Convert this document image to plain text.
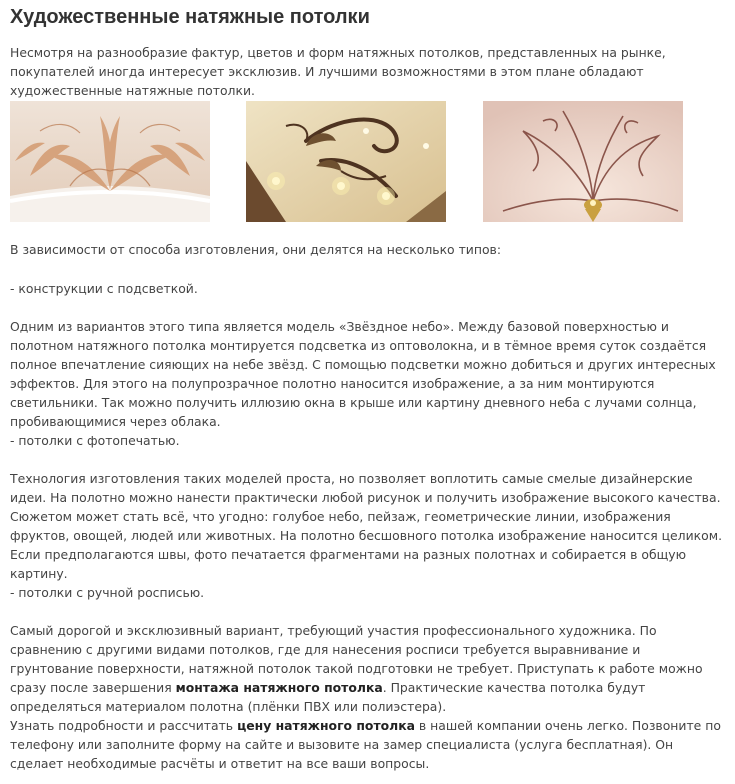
Художественные натяжные потолки

Несмотря на разнообразие фактур, цветов и форм натяжных потолков, представленных на рынке, покупателей иногда интересует эксклюзив. И лучшими возможностями в этом плане обладают художественные натяжные потолки.

В зависимости от способа изготовления, они делятся на несколько типов:

- конструкции с подсветкой.

Одним из вариантов этого типа является модель «Звёздное небо». Между базовой поверхностью и полотном натяжного потолка монтируется подсветка из оптоволокна, и в тёмное время суток создаётся полное впечатление сияющих на небе звёзд. С помощью подсветки можно добиться и других интересных эффектов. Для этого на полупрозрачное полотно наносится изображение, а за ним монтируются светильники. Так можно получить иллюзию окна в крыше или картину дневного неба с лучами солнца, пробивающимися через облака.

- потолки с фотопечатью.

Технология изготовления таких моделей проста, но позволяет воплотить самые смелые дизайнерские идеи. На полотно можно нанести практически любой рисунок и получить изображение высокого качества. Сюжетом может стать всё, что угодно: голубое небо, пейзаж, геометрические линии, изображения фруктов, овощей, людей или животных. На полотно бесшовного потолка изображение наносится целиком. Если предполагаются швы, фото печатается фрагментами на разных полотнах и собирается в общую картину.

- потолки с ручной росписью.

Самый дорогой и эксклюзивный вариант, требующий участия профессионального художника. По сравнению с другими видами потолков, где для нанесения росписи требуется выравнивание и грунтование поверхности, натяжной потолок такой подготовки не требует. Приступать к работе можно сразу после завершения монтажа натяжного потолка. Практические качества потолка будут определяться материалом полотна (плёнки ПВХ или полиэстера).

Узнать подробности и рассчитать цену натяжного потолка в нашей компании очень легко. Позвоните по телефону или заполните форму на сайте и вызовите на замер специалиста (услуга бесплатная). Он сделает необходимые расчёты и ответит на все ваши вопросы.
